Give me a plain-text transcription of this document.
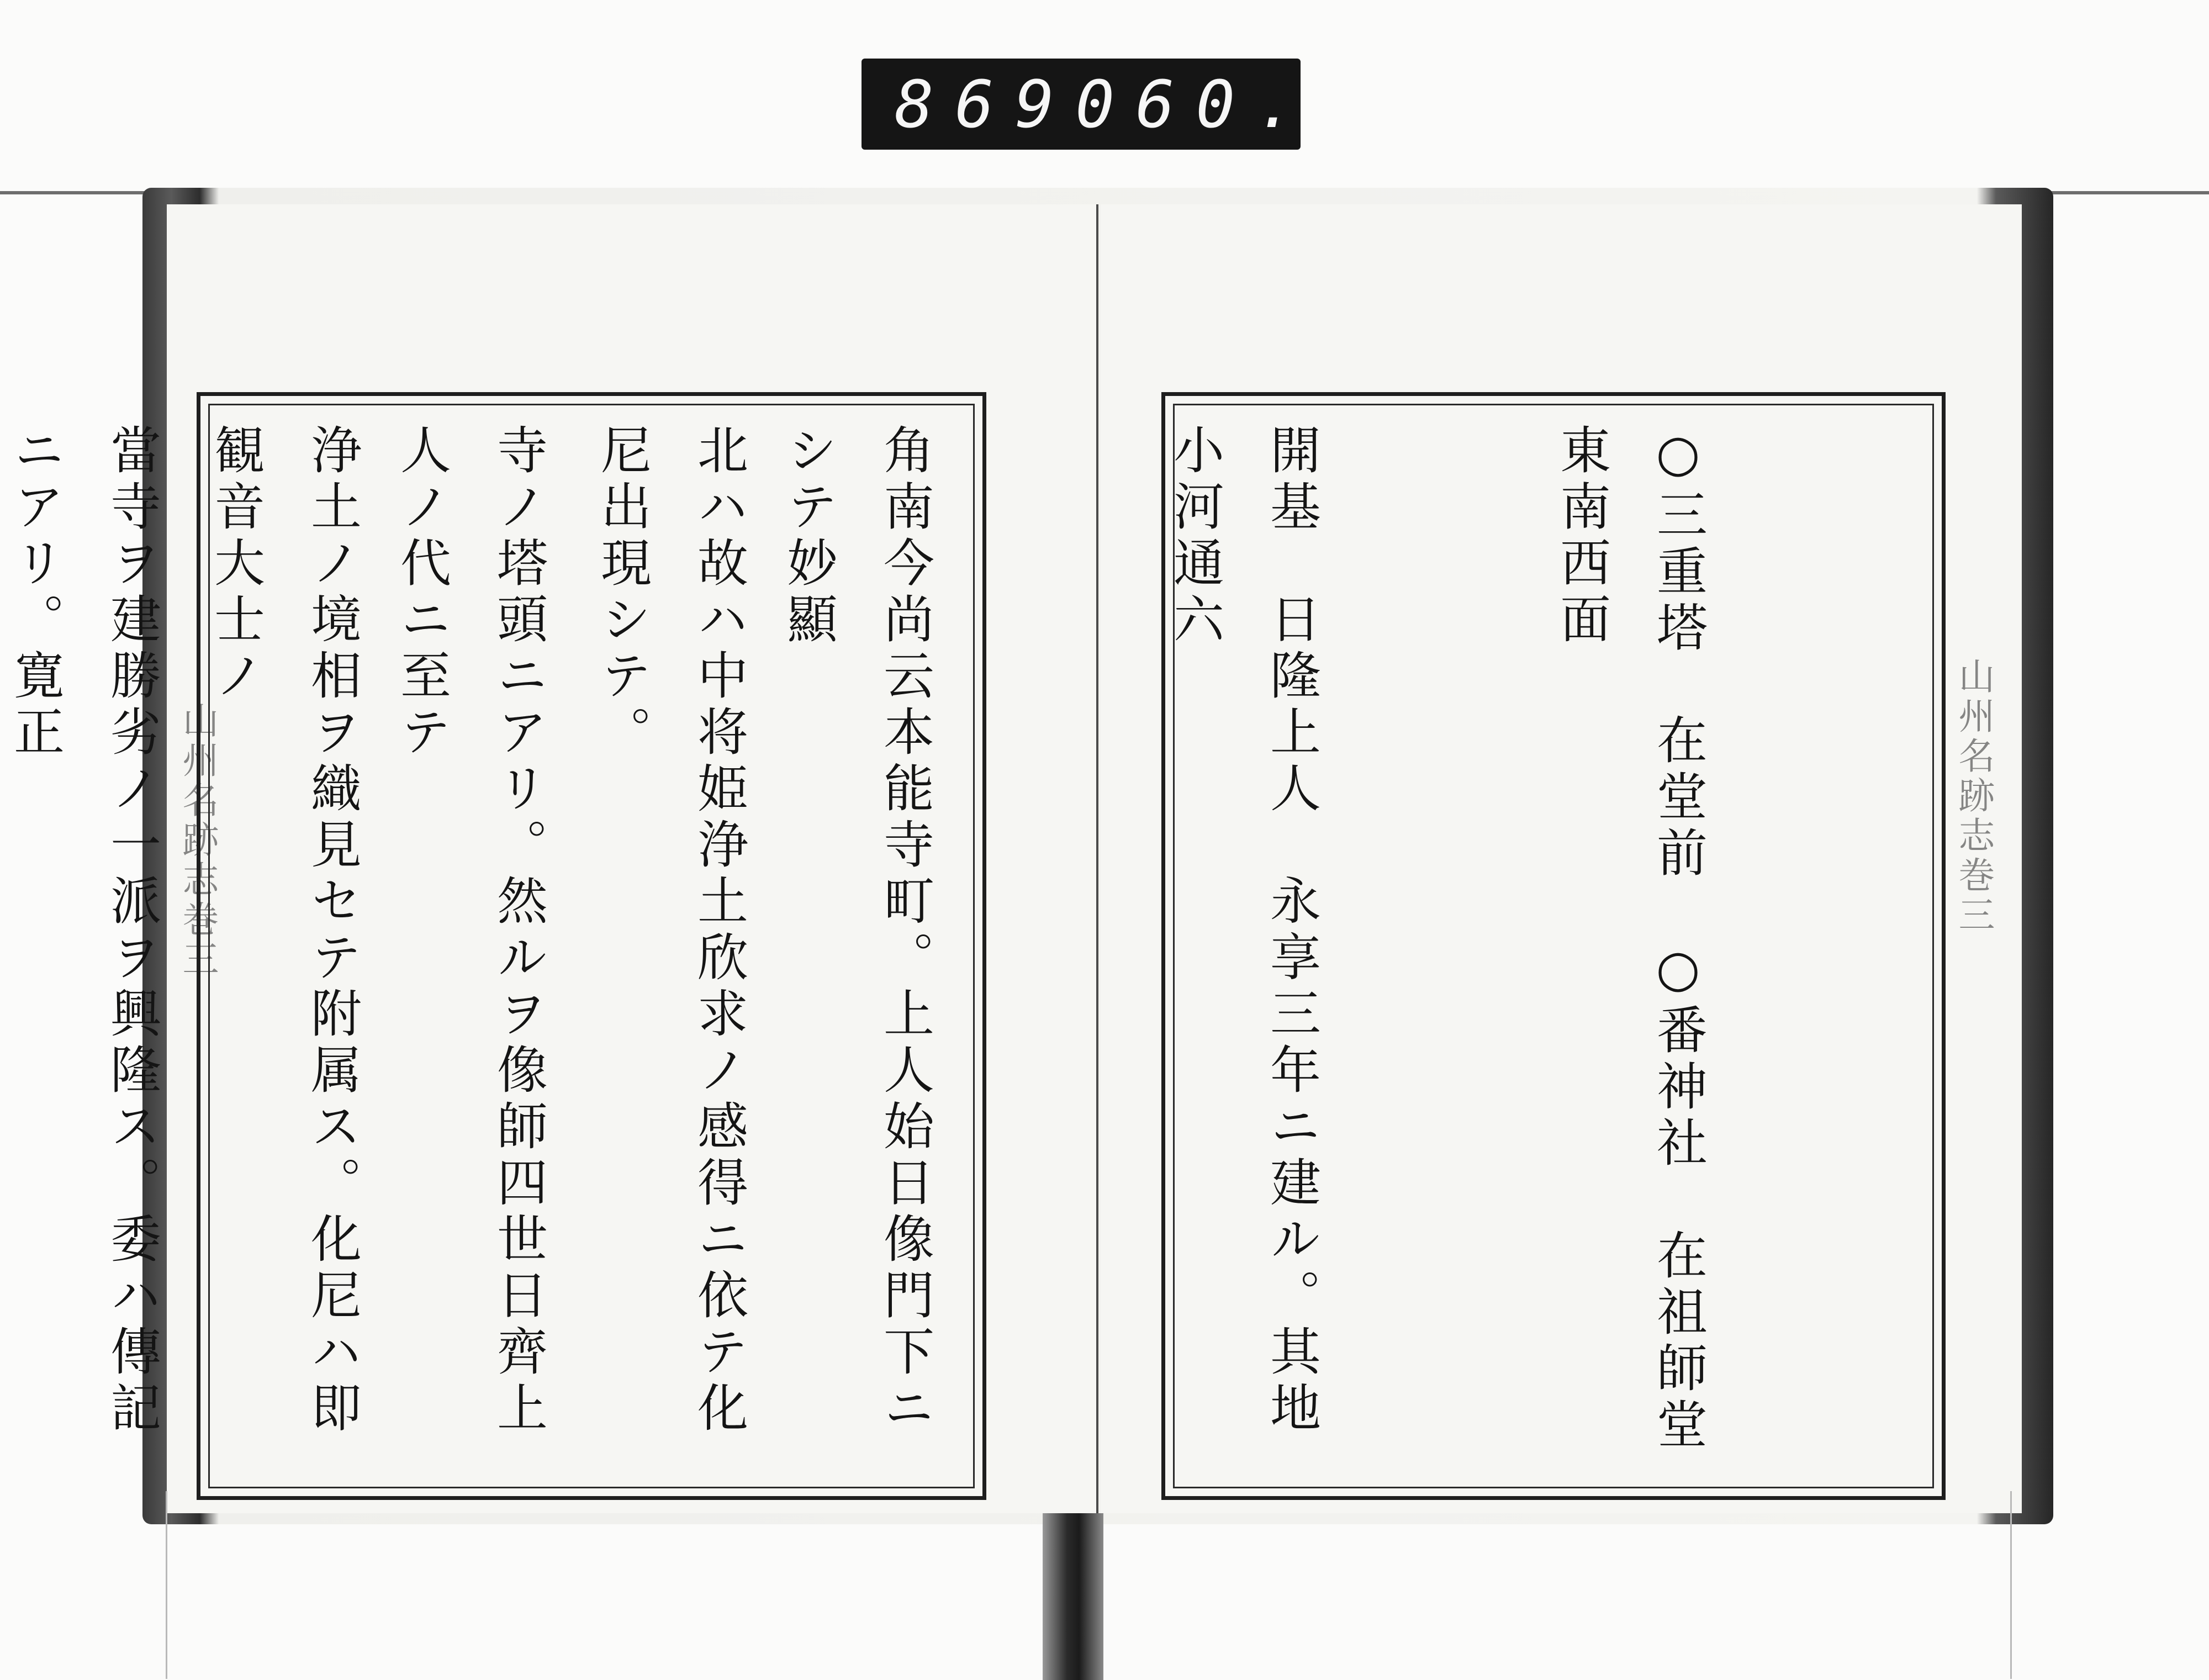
869 060.
山州名跡志巻三

	北ハ故ハ中将姫浄土欣求ノ感得ニ依テ化尼出現シテ。

浄土ノ境相ヲ織見セテ附属ス。化尼ハ即観音大士ノ

山州名跡志巻三

○三重塔　在堂前　○番神社　在祖師堂東南西面

開基　日隆上人　永享三年ニ建ル。其地小河通六

角南今尚云本能寺町。上人始日像門下ニシテ妙顯

寺ノ塔頭ニアリ。然ルヲ像師四世日齊上人ノ代ニ至テ

當寺ヲ建勝劣ノ一派ヲ興隆ス。委ハ傳記ニアリ。寛正
